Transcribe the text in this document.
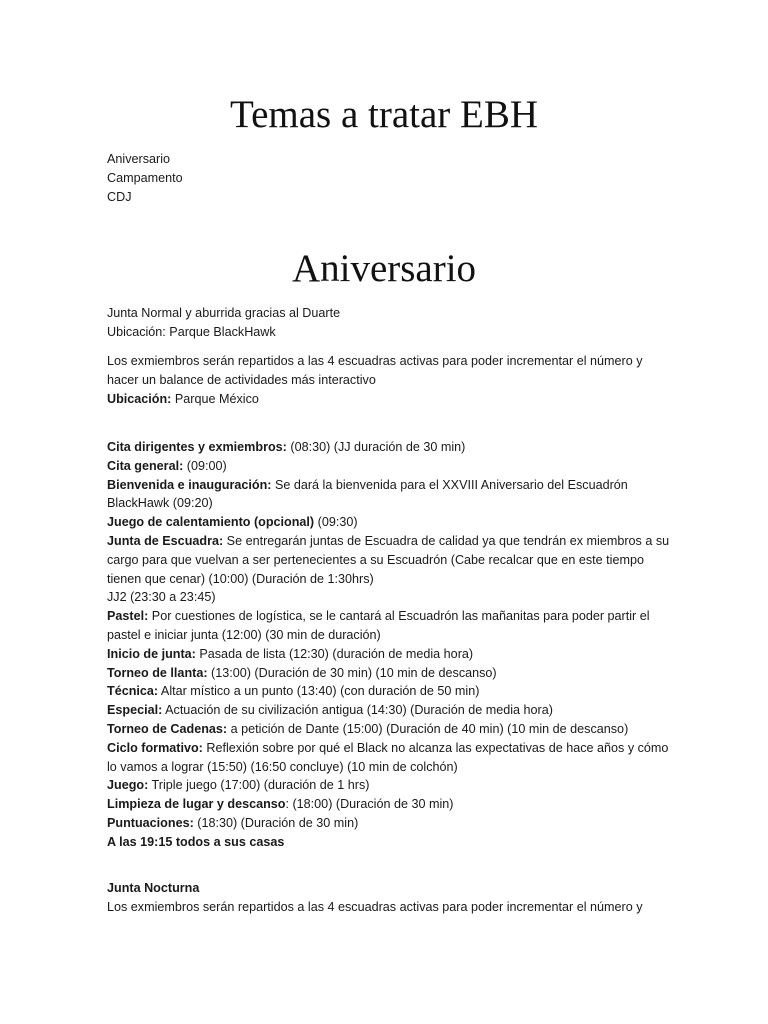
Temas a tratar EBH
Aniversario
Campamento
CDJ
Aniversario
Junta Normal y aburrida gracias al Duarte
Ubicación: Parque BlackHawk
Los exmiembros serán repartidos a las 4 escuadras activas para poder incrementar el número y
hacer un balance de actividades más interactivo
Ubicación: Parque México
Cita dirigentes y exmiembros: (08:30) (JJ duración de 30 min)
Cita general: (09:00)
Bienvenida e inauguración: Se dará la bienvenida para el XXVIII Aniversario del Escuadrón
BlackHawk (09:20)
Juego de calentamiento (opcional) (09:30)
Junta de Escuadra: Se entregarán juntas de Escuadra de calidad ya que tendrán ex miembros a su
cargo para que vuelvan a ser pertenecientes a su Escuadrón (Cabe recalcar que en este tiempo
tienen que cenar) (10:00) (Duración de 1:30hrs)
JJ2 (23:30 a 23:45)
Pastel: Por cuestiones de logística, se le cantará al Escuadrón las mañanitas para poder partir el
pastel e iniciar junta (12:00) (30 min de duración)
Inicio de junta: Pasada de lista (12:30) (duración de media hora)
Torneo de llanta: (13:00) (Duración de 30 min) (10 min de descanso)
Técnica: Altar místico a un punto (13:40) (con duración de 50 min)
Especial: Actuación de su civilización antigua (14:30) (Duración de media hora)
Torneo de Cadenas: a petición de Dante (15:00) (Duración de 40 min) (10 min de descanso)
Ciclo formativo: Reflexión sobre por qué el Black no alcanza las expectativas de hace años y cómo
lo vamos a lograr (15:50) (16:50 concluye) (10 min de colchón)
Juego: Triple juego (17:00) (duración de 1 hrs)
Limpieza de lugar y descanso: (18:00) (Duración de 30 min)
Puntuaciones: (18:30) (Duración de 30 min)
A las 19:15 todos a sus casas
Junta Nocturna
Los exmiembros serán repartidos a las 4 escuadras activas para poder incrementar el número y
